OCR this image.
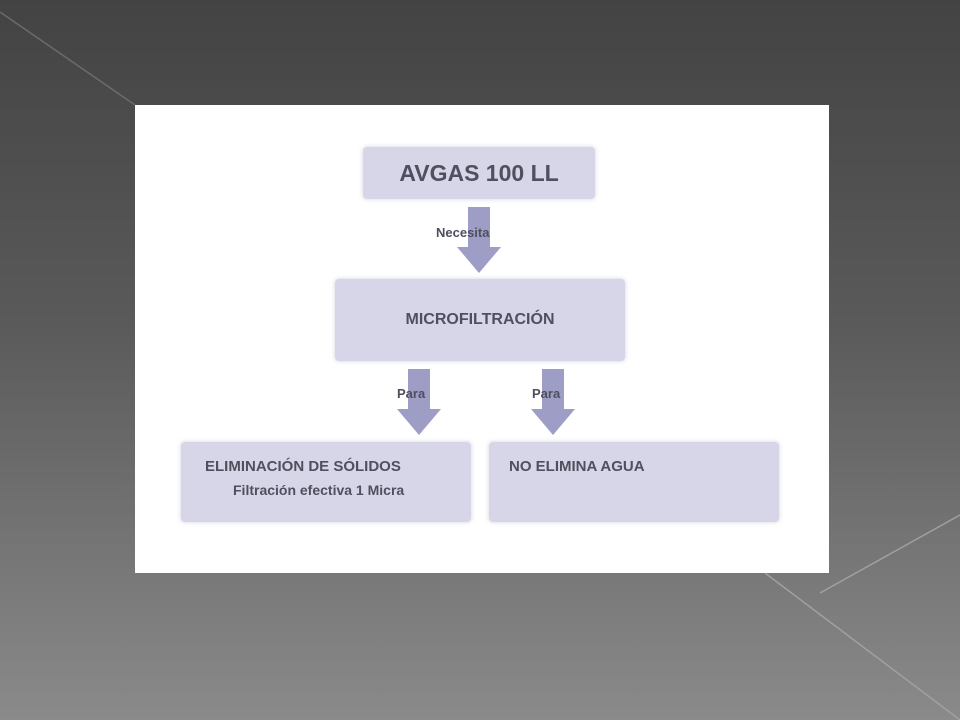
AVGAS 100 LL
Necesita
MICROFILTRACIÓN
Para	Para
ELIMINACIÓN DE SÓLIDOS
Filtración efectiva 1 Micra
NO ELIMINA AGUA
